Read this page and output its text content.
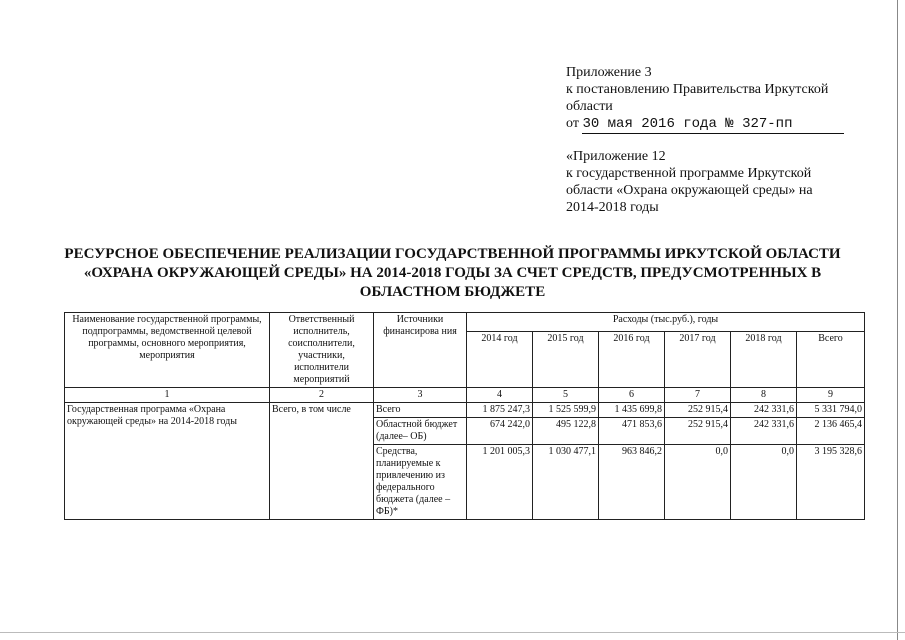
Приложение 3
к постановлению Правительства Иркутской
области
от 30 мая 2016 года № 327-пп
«Приложение 12
к государственной программе Иркутской
области «Охрана окружающей среды» на
2014-2018 годы
РЕСУРСНОЕ ОБЕСПЕЧЕНИЕ РЕАЛИЗАЦИИ ГОСУДАРСТВЕННОЙ ПРОГРАММЫ ИРКУТСКОЙ ОБЛАСТИ
«ОХРАНА ОКРУЖАЮЩЕЙ СРЕДЫ» НА 2014-2018 ГОДЫ ЗА СЧЕТ СРЕДСТВ, ПРЕДУСМОТРЕННЫХ В
ОБЛАСТНОМ БЮДЖЕТЕ
Наименование государственной программы, подпрограммы, ведомственной целевой программы, основного мероприятия, мероприятия	Ответственный исполнитель, соисполнители, участники, исполнители мероприятий	Источники финансирова ния	Расходы (тыс.руб.), годы					
			2014 год	2015 год	2016 год	2017 год	2018 год	Всего
1	2	3	4	5	6	7	8	9
Государственная программа «Охрана окружающей среды» на 2014-2018 годы	Всего, в том числе	Всего	1 875 247,3	1 525 599,9	1 435 699,8	252 915,4	242 331,6	5 331 794,0
		Областной бюджет (далее– ОБ)	674 242,0	495 122,8	471 853,6	252 915,4	242 331,6	2 136 465,4
		Средства, планируемые к привлечению из федерального бюджета (далее – ФБ)*	1 201 005,3	1 030 477,1	963 846,2	0,0	0,0	3 195 328,6
